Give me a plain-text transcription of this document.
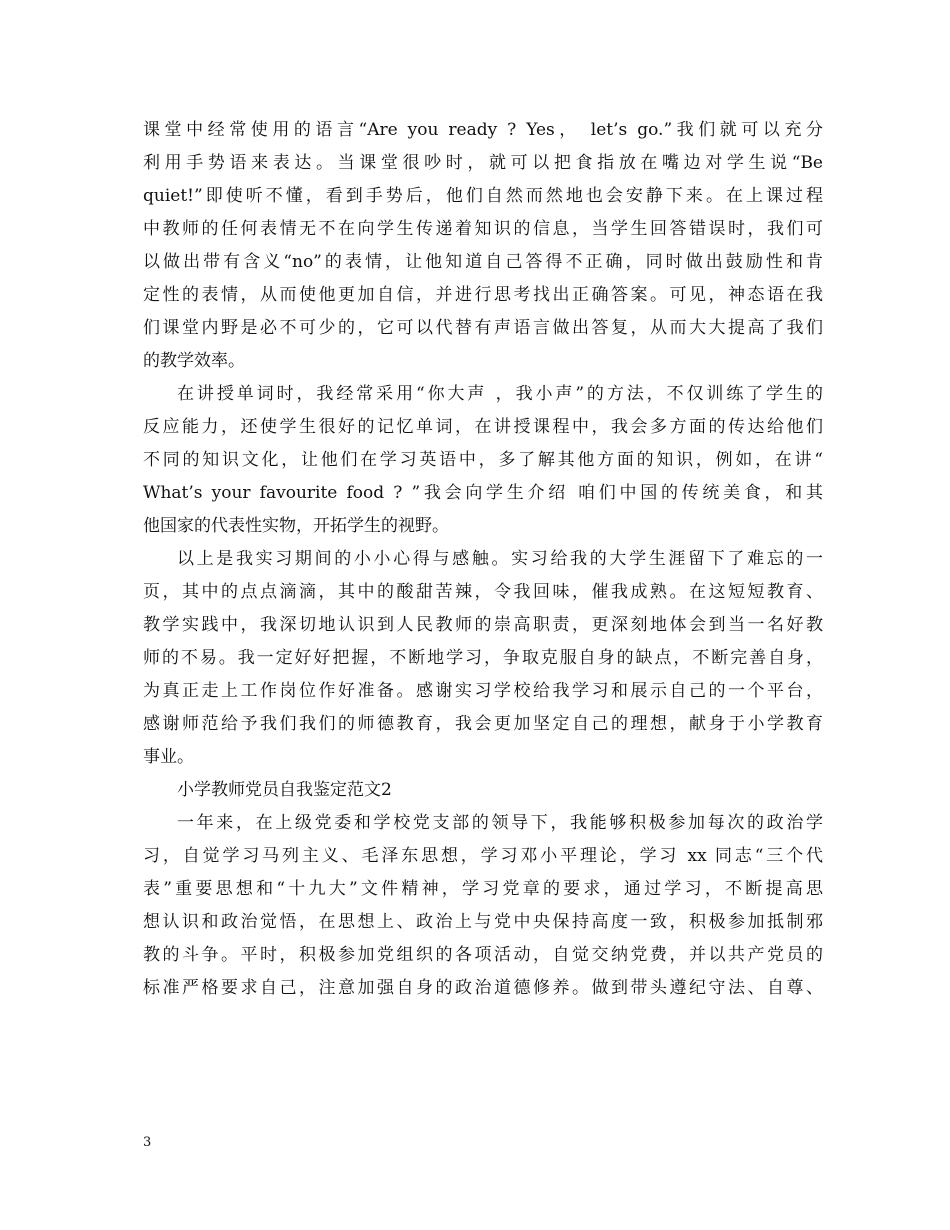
课堂中经常使用的语言“Are you ready ? Yes， let’s go.”我们就可以充分
利用手势语来表达。当课堂很吵时，就可以把食指放在嘴边对学生说“Be
quiet!”即使听不懂，看到手势后，他们自然而然地也会安静下来。在上课过程
中教师的任何表情无不在向学生传递着知识的信息，当学生回答错误时，我们可
以做出带有含义“no”的表情，让他知道自己答得不正确，同时做出鼓励性和肯
定性的表情，从而使他更加自信，并进行思考找出正确答案。可见，神态语在我
们课堂内野是必不可少的，它可以代替有声语言做出答复，从而大大提高了我们
的教学效率。
在讲授单词时，我经常采用“你大声 ，我小声”的方法，不仅训练了学生的
反应能力，还使学生很好的记忆单词，在讲授课程中，我会多方面的传达给他们
不同的知识文化，让他们在学习英语中，多了解其他方面的知识，例如，在讲“
What’s your favourite food ? ”我会向学生介绍 咱们中国的传统美食，和其
他国家的代表性实物，开拓学生的视野。
以上是我实习期间的小小心得与感触。实习给我的大学生涯留下了难忘的一
页，其中的点点滴滴，其中的酸甜苦辣，令我回味，催我成熟。在这短短教育、
教学实践中，我深切地认识到人民教师的崇高职责，更深刻地体会到当一名好教
师的不易。我一定好好把握，不断地学习，争取克服自身的缺点，不断完善自身，
为真正走上工作岗位作好准备。感谢实习学校给我学习和展示自己的一个平台，
感谢师范给予我们我们的师德教育，我会更加坚定自己的理想，献身于小学教育
事业。
小学教师党员自我鉴定范文2
一年来，在上级党委和学校党支部的领导下，我能够积极参加每次的政治学
习，自觉学习马列主义、毛泽东思想，学习邓小平理论，学习 xx 同志“三个代
表”重要思想和“十九大”文件精神，学习党章的要求，通过学习，不断提高思
想认识和政治觉悟，在思想上、政治上与党中央保持高度一致，积极参加抵制邪
教的斗争。平时，积极参加党组织的各项活动，自觉交纳党费，并以共产党员的
标准严格要求自己，注意加强自身的政治道德修养。做到带头遵纪守法、自尊、
3
